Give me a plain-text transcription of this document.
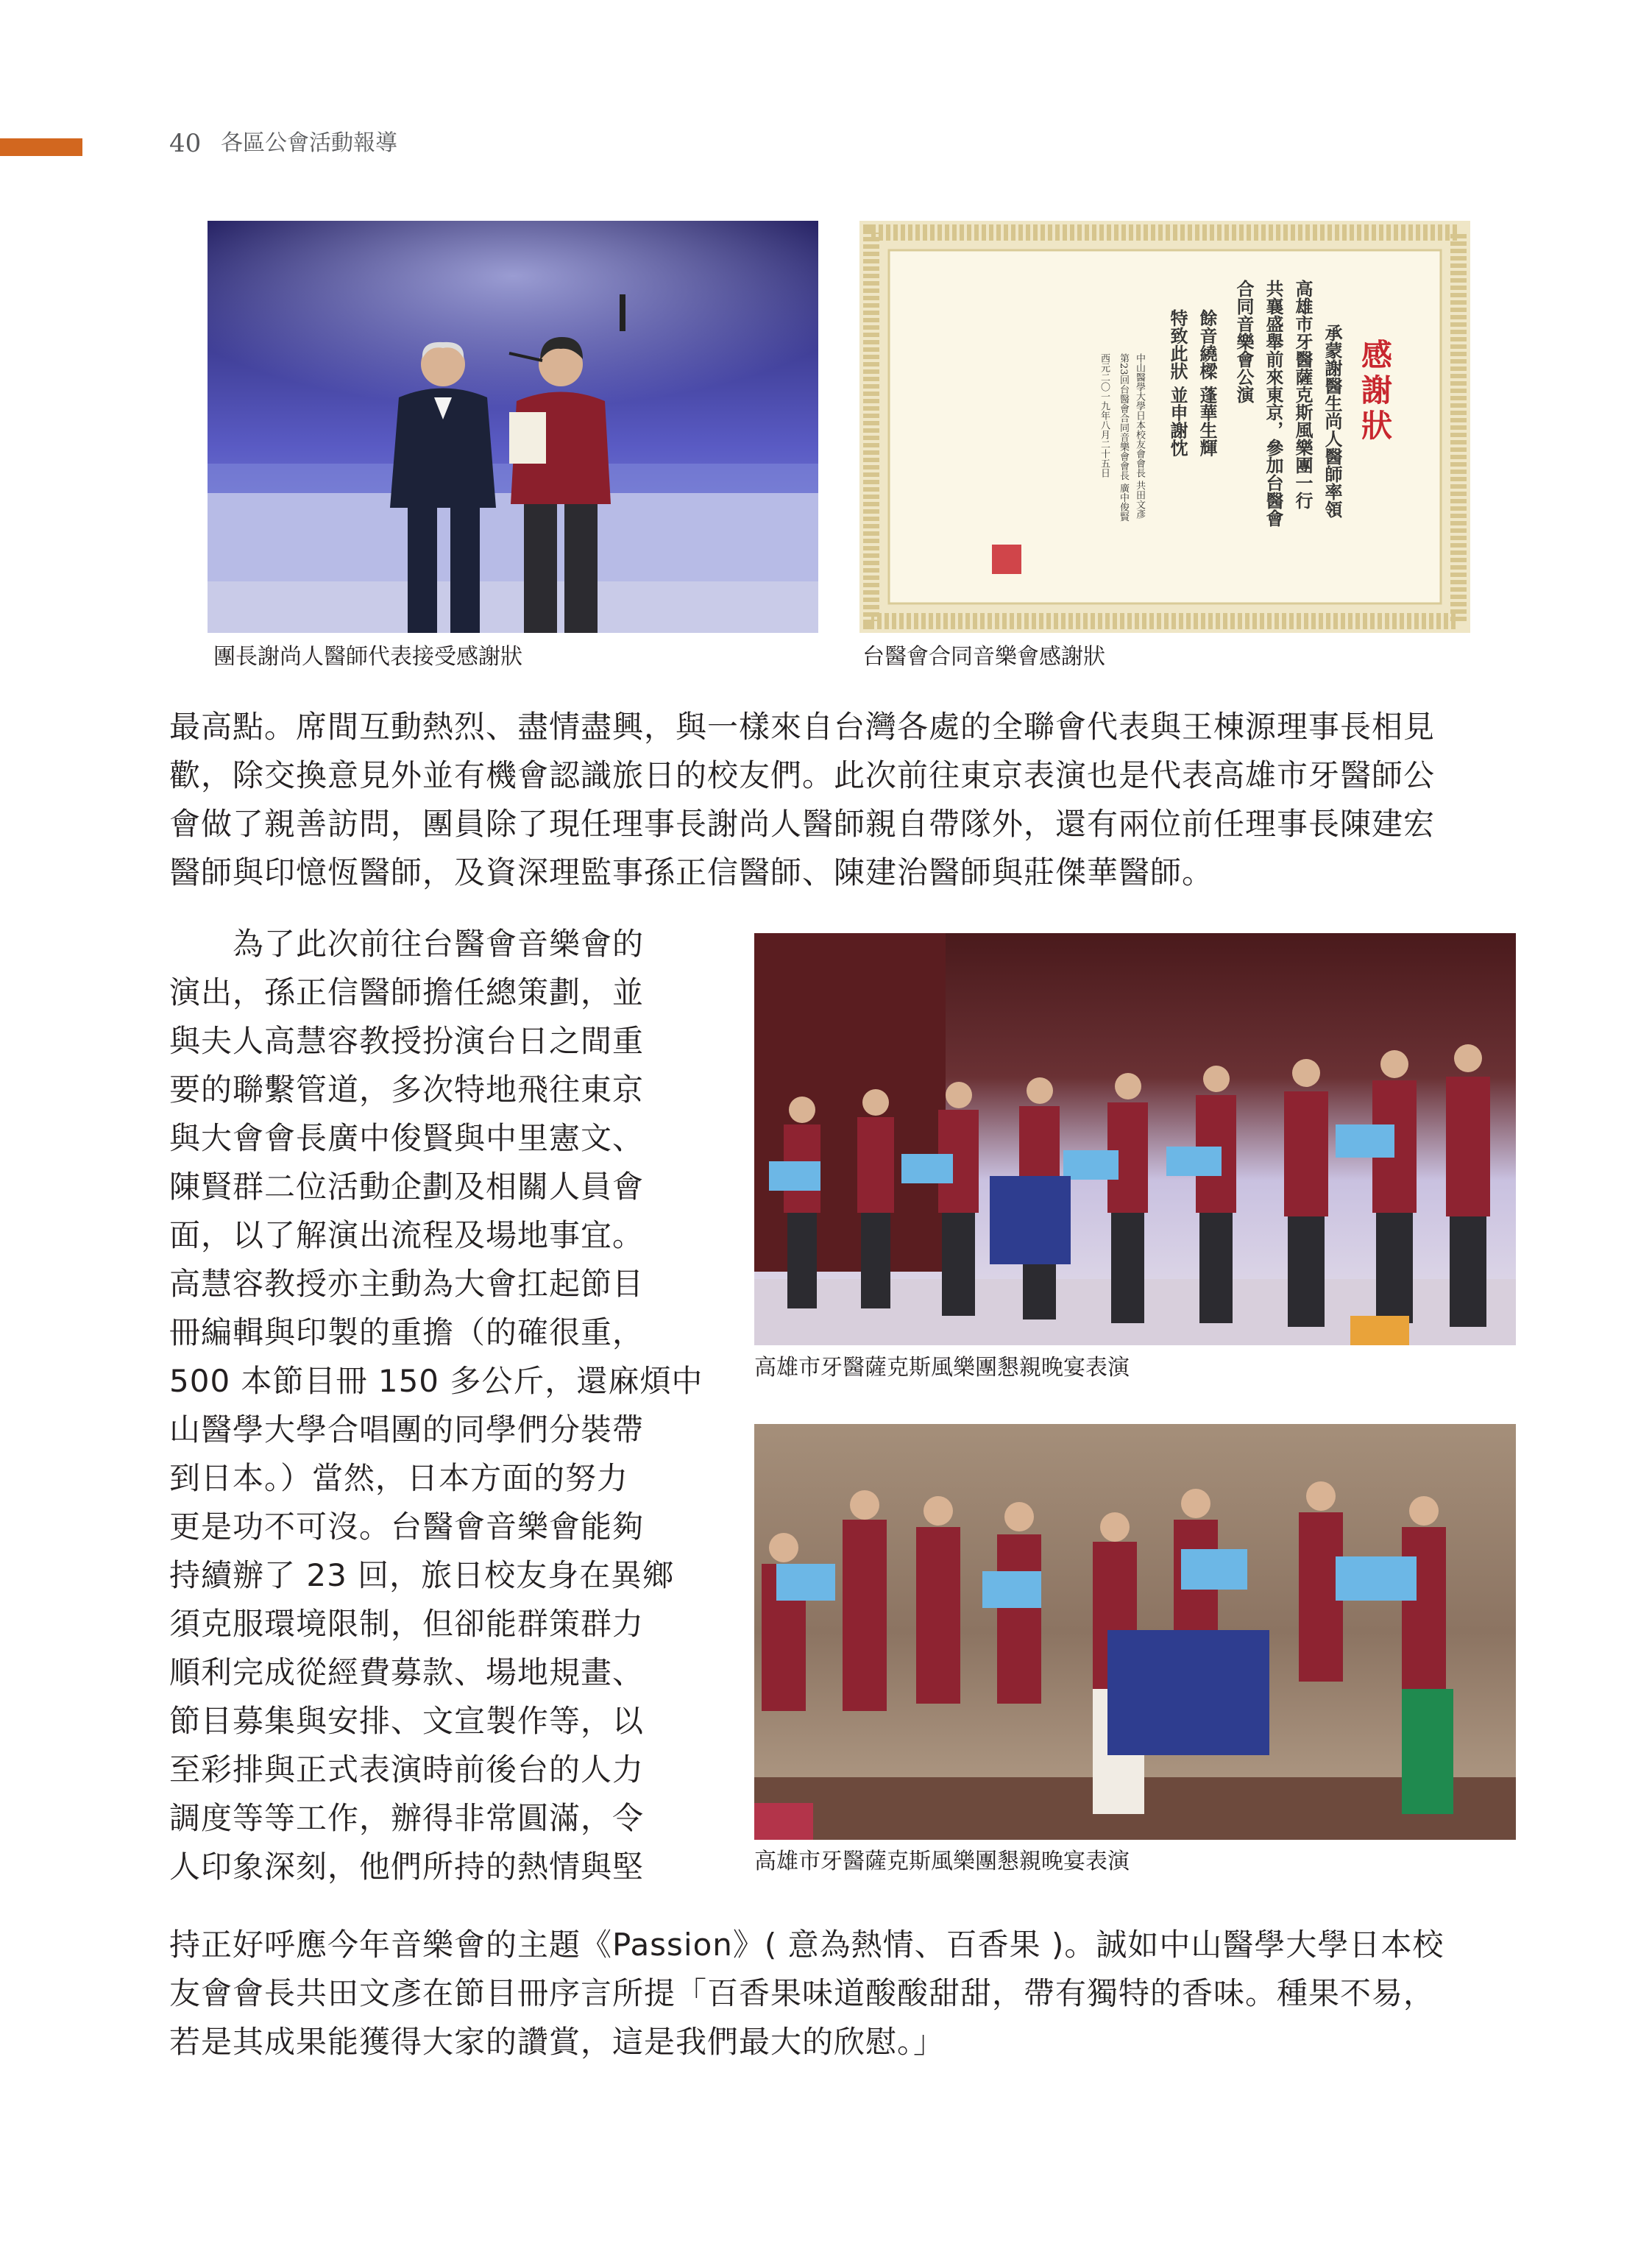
40 各區公會活動報導
團長謝尚人醫師代表接受感謝狀
感謝狀
承蒙謝醫生尚人醫師率領
高雄市牙醫薩克斯風樂團一行
共襄盛舉前來東京，參加台醫會
合同音樂會公演
餘音繞樑 蓬華生輝
特致此狀 並申謝忱
中山醫學大學日本校友會會長 共田文彥
第23回台醫會合同音樂會會長 廣中俊賢
西元二〇一九年八月二十五日
台醫會合同音樂會感謝狀
最高點。席間互動熱烈、盡情盡興，與一樣來自台灣各處的全聯會代表與王棟源理事長相見
歡，除交換意見外並有機會認識旅日的校友們。此次前往東京表演也是代表高雄市牙醫師公
會做了親善訪問，團員除了現任理事長謝尚人醫師親自帶隊外，還有兩位前任理事長陳建宏
醫師與印憶恆醫師，及資深理監事孫正信醫師、陳建治醫師與莊傑華醫師。
　　為了此次前往台醫會音樂會的
演出，孫正信醫師擔任總策劃，並
與夫人高慧容教授扮演台日之間重
要的聯繫管道，多次特地飛往東京
與大會會長廣中俊賢與中里憲文、
陳賢群二位活動企劃及相關人員會
面，以了解演出流程及場地事宜。
高慧容教授亦主動為大會扛起節目
冊編輯與印製的重擔（的確很重，
500 本節目冊 150 多公斤，還麻煩中
山醫學大學合唱團的同學們分裝帶
到日本。）當然，日本方面的努力
更是功不可沒。台醫會音樂會能夠
持續辦了 23 回，旅日校友身在異鄉
須克服環境限制，但卻能群策群力
順利完成從經費募款、場地規畫、
節目募集與安排、文宣製作等，以
至彩排與正式表演時前後台的人力
調度等等工作，辦得非常圓滿，令
人印象深刻，他們所持的熱情與堅
高雄市牙醫薩克斯風樂團懇親晚宴表演
高雄市牙醫薩克斯風樂團懇親晚宴表演
持正好呼應今年音樂會的主題《Passion》( 意為熱情、百香果 )。誠如中山醫學大學日本校
友會會長共田文彥在節目冊序言所提「百香果味道酸酸甜甜，帶有獨特的香味。種果不易，
若是其成果能獲得大家的讚賞，這是我們最大的欣慰。」
